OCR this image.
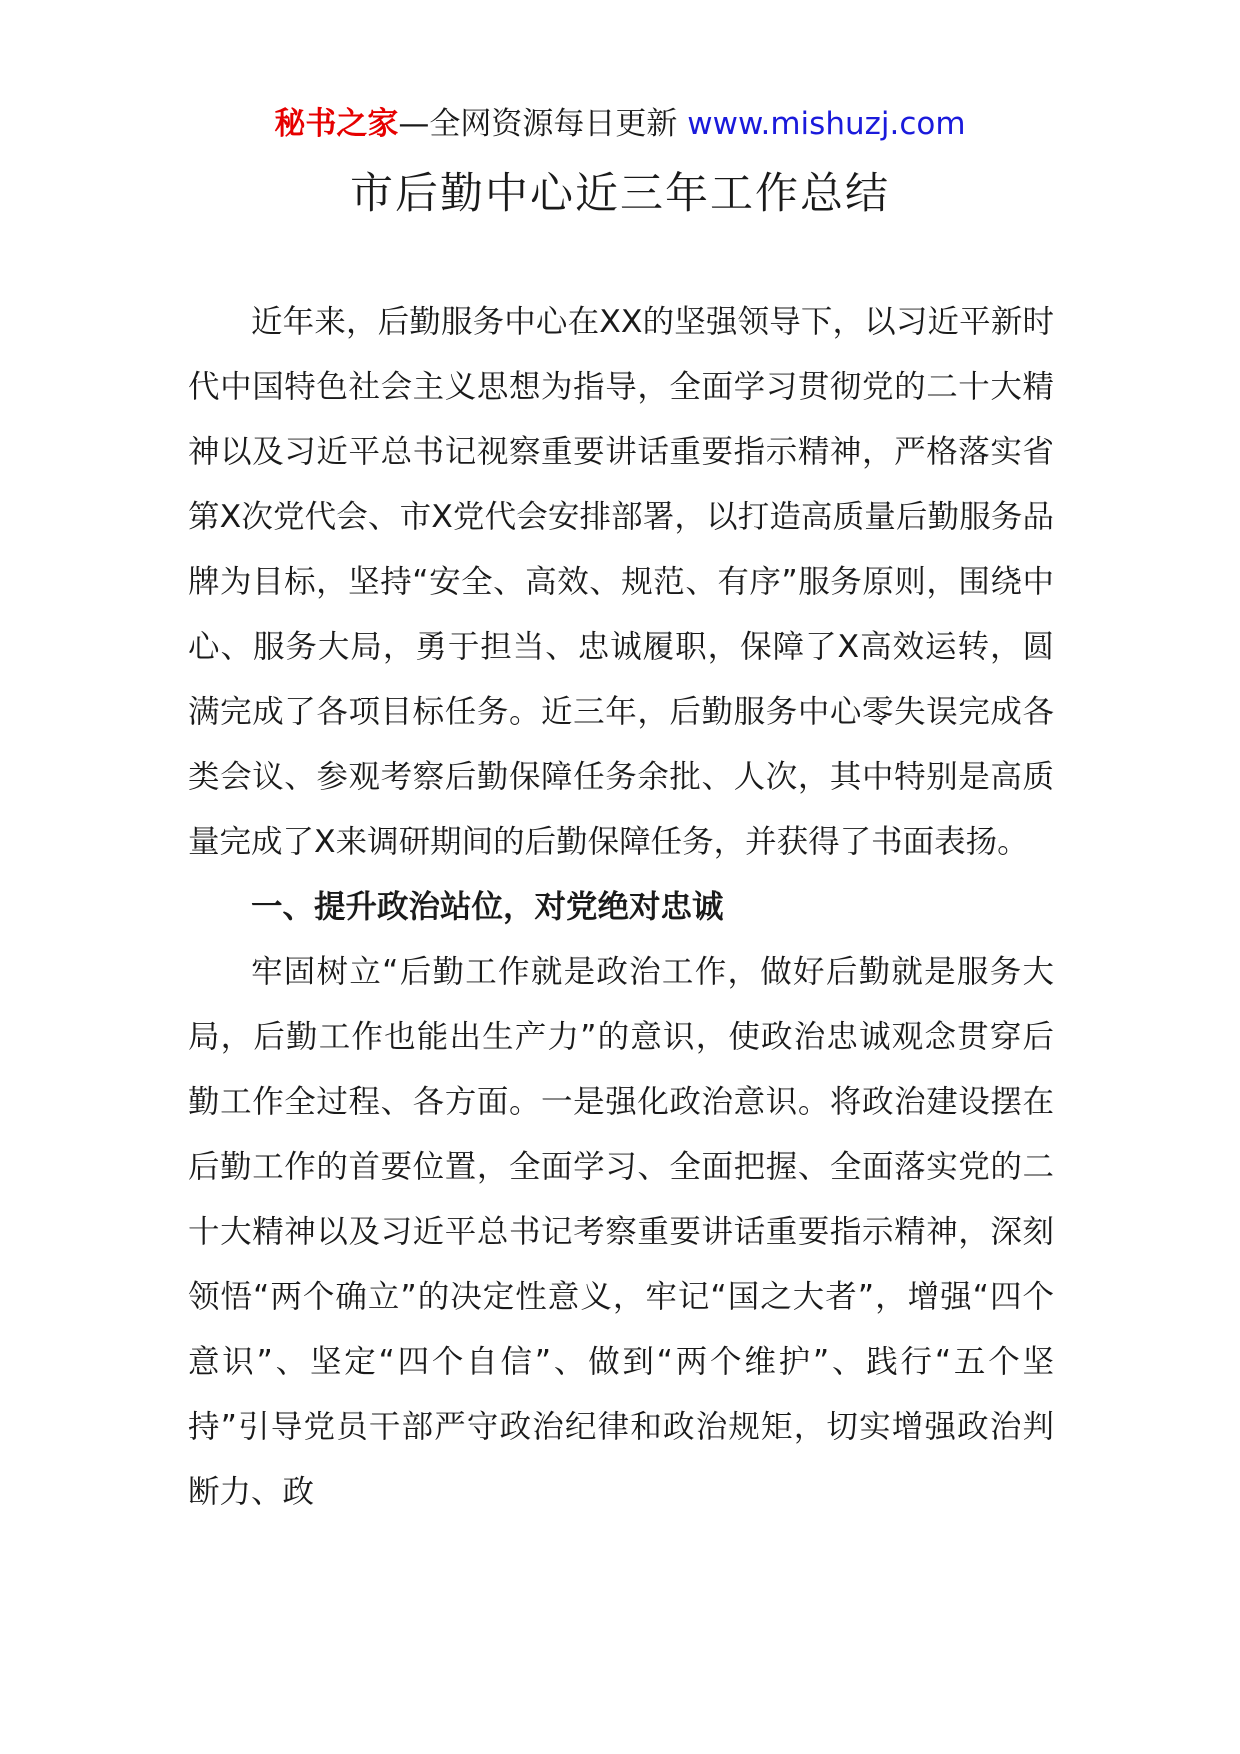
秘书之家—全网资源每日更新 www.mishuzj.com
市后勤中心近三年工作总结

近年来，后勤服务中心在XX的坚强领导下，以习近平新时代中国特色社会主义思想为指导，全面学习贯彻党的二十大精神以及习近平总书记视察重要讲话重要指示精神，严格落实省第X次党代会、市X党代会安排部署，以打造高质量后勤服务品牌为目标，坚持“安全、高效、规范、有序”服务原则，围绕中心、服务大局，勇于担当、忠诚履职，保障了X高效运转，圆满完成了各项目标任务。近三年，后勤服务中心零失误完成各类会议、参观考察后勤保障任务余批、人次，其中特别是高质量完成了X来调研期间的后勤保障任务，并获得了书面表扬。

一、提升政治站位，对党绝对忠诚

牢固树立“后勤工作就是政治工作，做好后勤就是服务大局，后勤工作也能出生产力”的意识，使政治忠诚观念贯穿后勤工作全过程、各方面。一是强化政治意识。将政治建设摆在后勤工作的首要位置，全面学习、全面把握、全面落实党的二十大精神以及习近平总书记考察重要讲话重要指示精神，深刻领悟“两个确立”的决定性意义，牢记“国之大者”，增强“四个意识”、坚定“四个自信”、做到“两个维护”、践行“五个坚持”引导党员干部严守政治纪律和政治规矩，切实增强政治判断力、政
